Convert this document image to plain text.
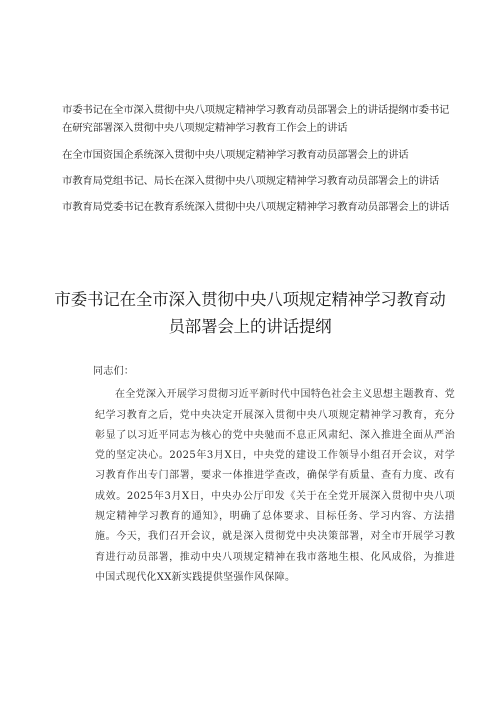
市委书记在全市深入贯彻中央八项规定精神学习教育动员部署会上的讲话提纲市委书记在研究部署深入贯彻中央八项规定精神学习教育工作会上的讲话

在全市国资国企系统深入贯彻中央八项规定精神学习教育动员部署会上的讲话

市教育局党组书记、局长在深入贯彻中央八项规定精神学习教育动员部署会上的讲话

市教育局党委书记在教育系统深入贯彻中央八项规定精神学习教育动员部署会上的讲话

市委书记在全市深入贯彻中央八项规定精神学习教育动
员部署会上的讲话提纲

同志们：

在全党深入开展学习贯彻习近平新时代中国特色社会主义思想主题教育、党纪学习教育之后，党中央决定开展深入贯彻中央八项规定精神学习教育，充分彰显了以习近平同志为核心的党中央驰而不息正风肃纪、深入推进全面从严治党的坚定决心。2025年3月X日，中央党的建设工作领导小组召开会议，对学习教育作出专门部署，要求一体推进学查改，确保学有质量、查有力度、改有成效。2025年3月X日，中央办公厅印发《关于在全党开展深入贯彻中央八项规定精神学习教育的通知》，明确了总体要求、目标任务、学习内容、方法措施。今天，我们召开会议，就是深入贯彻党中央决策部署，对全市开展学习教育进行动员部署，推动中央八项规定精神在我市落地生根、化风成俗，为推进中国式现代化XX新实践提供坚强作风保障。
